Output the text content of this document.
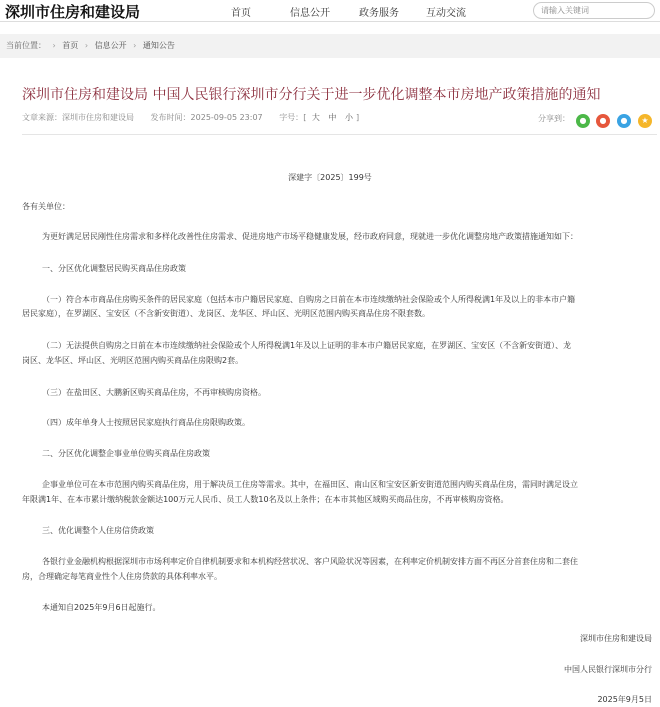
深圳市住房和建设局	首页	信息公开	政务服务	互动交流
请输入关键词
当前位置： › 首页 › 信息公开 › 通知公告
深圳市住房和建设局 中国人民银行深圳市分行关于进一步优化调整本市房地产政策措施的通知
文章来源：深圳市住房和建设局 发布时间：2025-09-05 23:07 字号：[ 大 中 小 ]	分享到：	●	●	●	★
深建字〔2025〕199号
各有关单位：
为更好满足居民刚性住房需求和多样化改善性住房需求、促进房地产市场平稳健康发展，经市政府同意，现就进一步优化调整房地产政策措施通知如下：
一、分区优化调整居民购买商品住房政策
（一）符合本市商品住房购买条件的居民家庭（包括本市户籍居民家庭、自购房之日前在本市连续缴纳社会保险或个人所得税满1年及以上的非本市户籍
居民家庭），在罗湖区、宝安区（不含新安街道）、龙岗区、龙华区、坪山区、光明区范围内购买商品住房不限套数。
（二）无法提供自购房之日前在本市连续缴纳社会保险或个人所得税满1年及以上证明的非本市户籍居民家庭，在罗湖区、宝安区（不含新安街道）、龙
岗区、龙华区、坪山区、光明区范围内购买商品住房限购2套。
（三）在盐田区、大鹏新区购买商品住房，不再审核购房资格。
（四）成年单身人士按照居民家庭执行商品住房限购政策。
二、分区优化调整企事业单位购买商品住房政策
企事业单位可在本市范围内购买商品住房，用于解决员工住房等需求。其中，在福田区、南山区和宝安区新安街道范围内购买商品住房，需同时满足设立
年限满1年、在本市累计缴纳税款金额达100万元人民币、员工人数10名及以上条件；在本市其他区域购买商品住房，不再审核购房资格。
三、优化调整个人住房信贷政策
各银行业金融机构根据深圳市市场利率定价自律机制要求和本机构经营状况、客户风险状况等因素，在利率定价机制安排方面不再区分首套住房和二套住
房，合理确定每笔商业性个人住房贷款的具体利率水平。
本通知自2025年9月6日起施行。
深圳市住房和建设局
中国人民银行深圳市分行
2025年9月5日
